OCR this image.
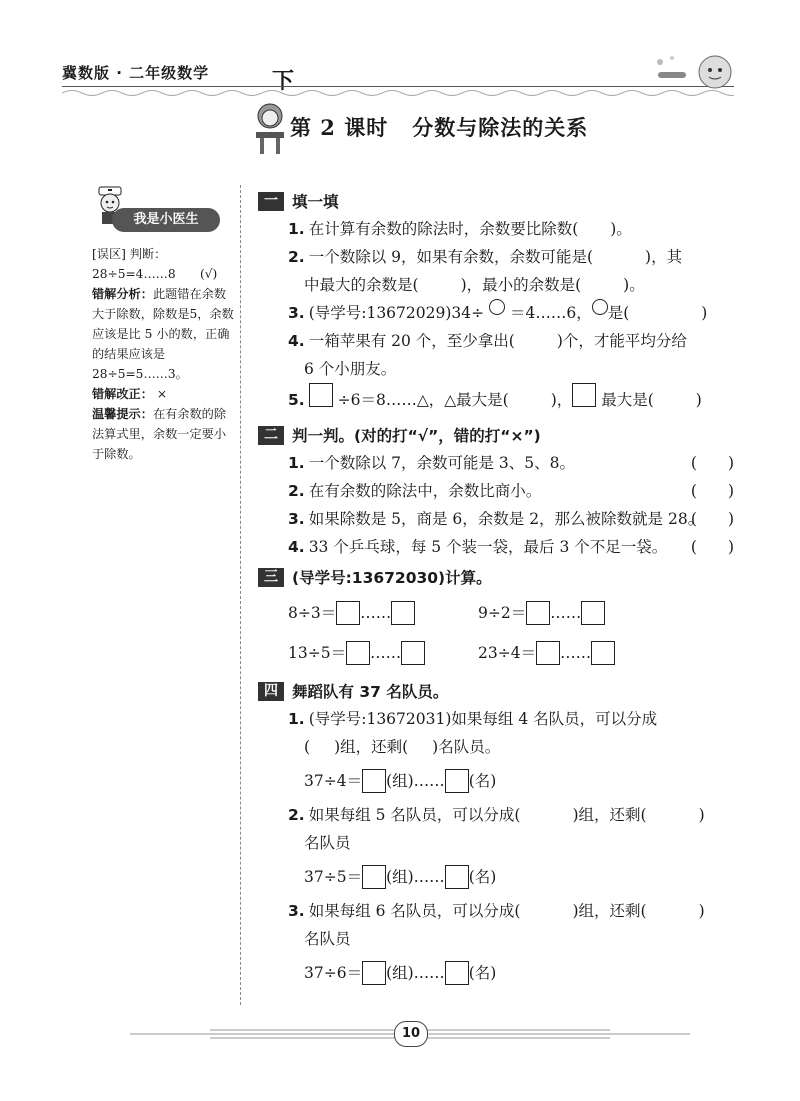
冀数版 · 二年级数学	下
第 2 课时 分数与除法的关系
我是小医生

[误区] 判断：28÷5=4……8　　(√)

错解分析：此题错在余数大于除数，除数是5，余数应该是比 5 小的数，正确的结果应该是 28÷5=5……3。

错解改正： ×

温馨提示：在有余数的除法算式里，余数一定要小于除数。

一 填一填
1. 在计算有余数的除法时，余数要比除数( )。
2. 一个数除以 9，如果有余数，余数可能是(	)，其
中最大的余数是(	)，最小的余数是(	)。
3. (导学号:13672029)34÷

＝4……6， 是(	)
4. 一箱苹果有 20 个，至少拿出(	)个，才能平均分给
6 个小朋友。
5.
÷6＝8……△，△最大是(	)，
最大是(	)
二 判一判。(对的打“√”，错的打“×”)
1. 一个数除以 7，余数可能是 3、5、8。	(　　)
2. 在有余数的除法中，余数比商小。	(　　)
3. 如果除数是 5，商是 6，余数是 2，那么被除数就是 28。
(　　)
4. 33 个乒乓球，每 5 个装一袋，最后 3 个不足一袋。 (　　)
三 (导学号:13672030)计算。
8÷3＝ ……	9÷2＝ ……
13÷5＝ ……	23÷4＝ ……
四 舞蹈队有 37 名队员。
1. (导学号:13672031)如果每组 4 名队员，可以分成
( )组，还剩( )名队员。
37÷4＝ (组)…… (名)
2. 如果每组 5 名队员，可以分成(	)组，还剩(	)
名队员
37÷5＝ (组)…… (名)
3. 如果每组 6 名队员，可以分成(	)组，还剩(	)
名队员
37÷6＝ (组)…… (名)
10
